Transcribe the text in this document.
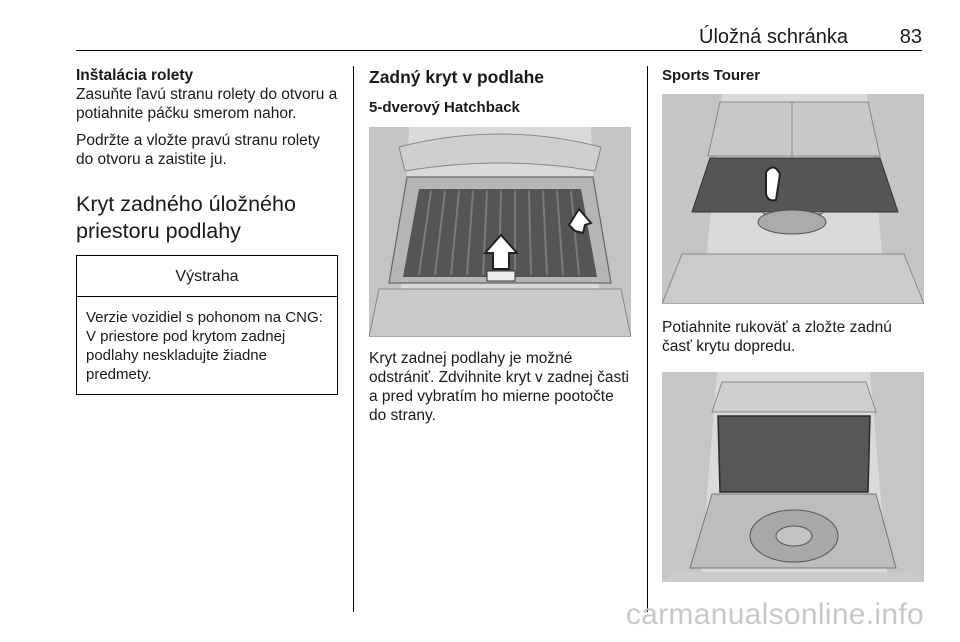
Úložná schránka	83

Inštalácia rolety

Zasuňte ľavú stranu rolety do otvoru a potiahnite páčku smerom nahor.

Podržte a vložte pravú stranu rolety do otvoru a zaistite ju.

Kryt zadného úložného
priestoru podlahy
Výstraha
Verzie vozidiel s pohonom na CNG: V priestore pod krytom zadnej podlahy neskladujte žiadne predmety.

Zadný kryt v podlahe

5-dverový Hatchback

Kryt zadnej podlahy je možné
odstrániť. Zdvihnite kryt v zadnej časti
a pred vybratím ho mierne pootočte
do strany.

Sports Tourer

Potiahnite rukoväť a zložte zadnú
časť krytu dopredu.
carmanualsonline.info
